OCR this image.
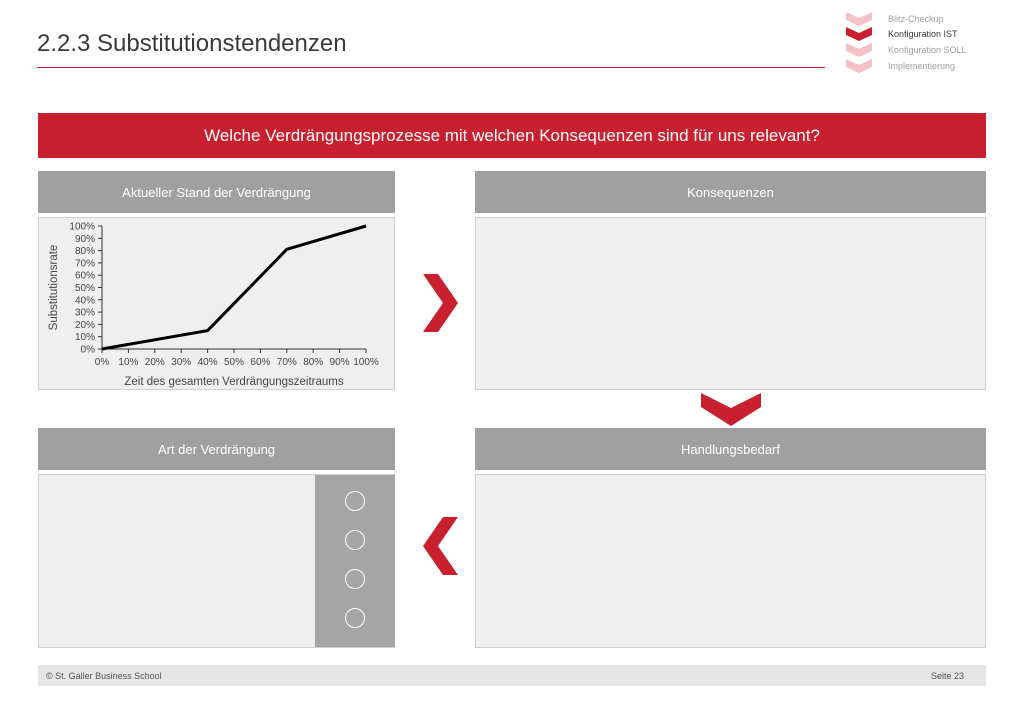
2.2.3 Substitutionstendenzen
Blitz-Checkup
Konfiguration IST
Konfiguration SOLL
Implementierung
Welche Verdrängungsprozesse mit welchen Konsequenzen sind für uns relevant?
Aktueller Stand der Verdrängung	Konsequenzen
Art der Verdrängung	Handlungsbedarf
0%
10%
20%
30%
40%
50%
60%
70%
80%
90%
100%
0% 10% 20% 30% 40% 50% 60% 70% 80% 90% 100%
Zeit des gesamten Verdrängungszeitraums
Substitutionsrate
© St. Galler Business School	Seite 23
